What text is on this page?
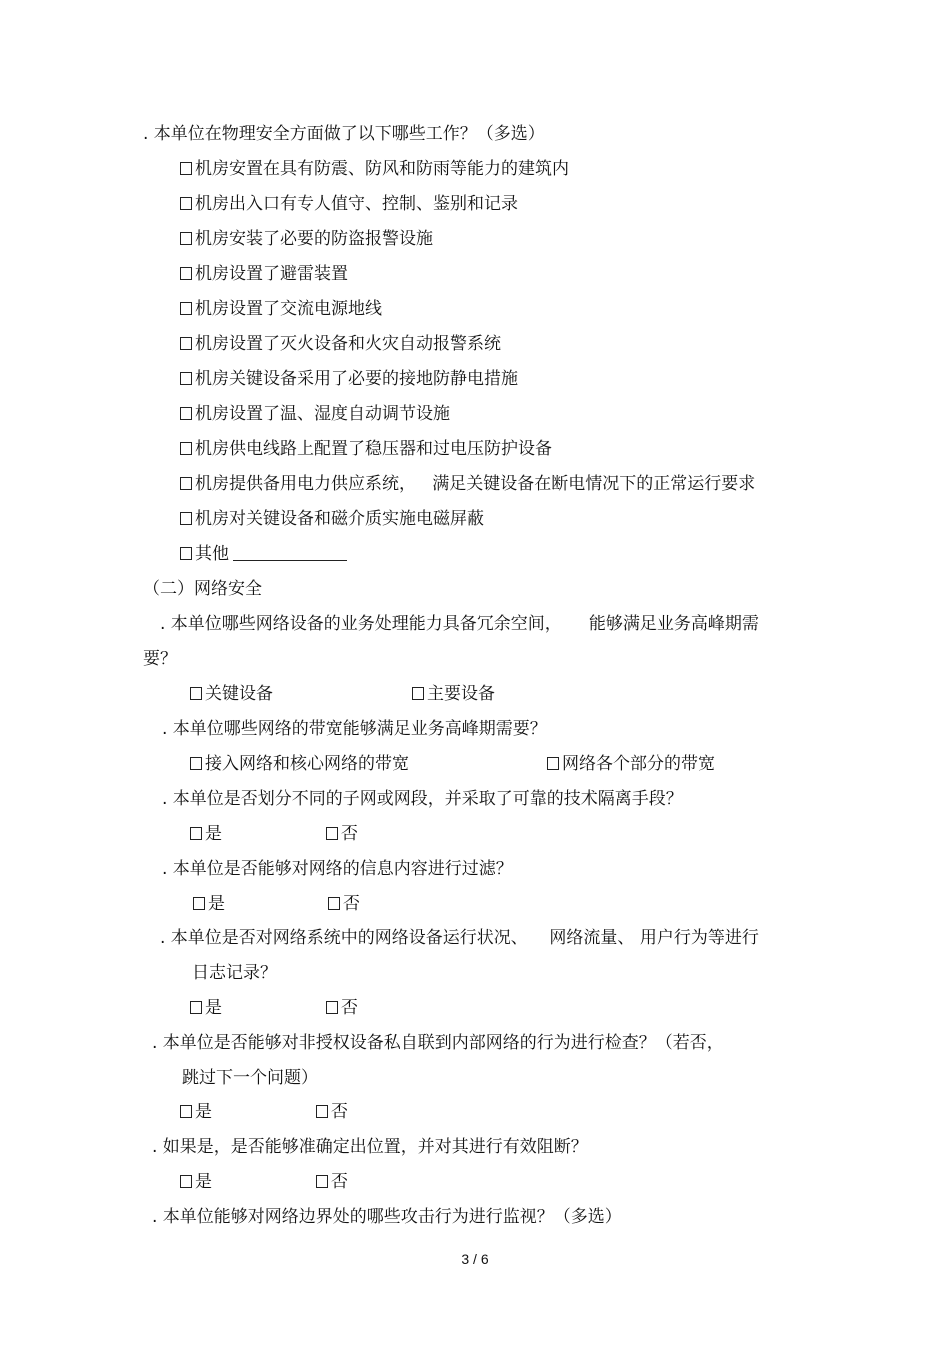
. 本单位在物理安全方面做了以下哪些工作？（多选）
机房安置在具有防震、防风和防雨等能力的建筑内
机房出入口有专人值守、控制、鉴别和记录
机房安装了必要的防盗报警设施
机房设置了避雷装置
机房设置了交流电源地线
机房设置了灭火设备和火灾自动报警系统
机房关键设备采用了必要的接地防静电措施
机房设置了温、湿度自动调节设施
机房供电线路上配置了稳压器和过电压防护设备
机房提供备用电力供应系统，   满足关键设备在断电情况下的正常运行要求
机房对关键设备和磁介质实施电磁屏蔽
其他
（二）网络安全
. 本单位哪些网络设备的业务处理能力具备冗余空间，     能够满足业务高峰期需
要？
关键设备	主要设备
. 本单位哪些网络的带宽能够满足业务高峰期需要？
接入网络和核心网络的带宽	网络各个部分的带宽
. 本单位是否划分不同的子网或网段，并采取了可靠的技术隔离手段？
是	否
. 本单位是否能够对网络的信息内容进行过滤？
是	否
. 本单位是否对网络系统中的网络设备运行状况、    网络流量、 用户行为等进行
日志记录？
是	否
. 本单位是否能够对非授权设备私自联到内部网络的行为进行检查？（若否，
跳过下一个问题）
是	否
. 如果是，是否能够准确定出位置，并对其进行有效阻断？
是	否
. 本单位能够对网络边界处的哪些攻击行为进行监视？（多选）
3 / 6
